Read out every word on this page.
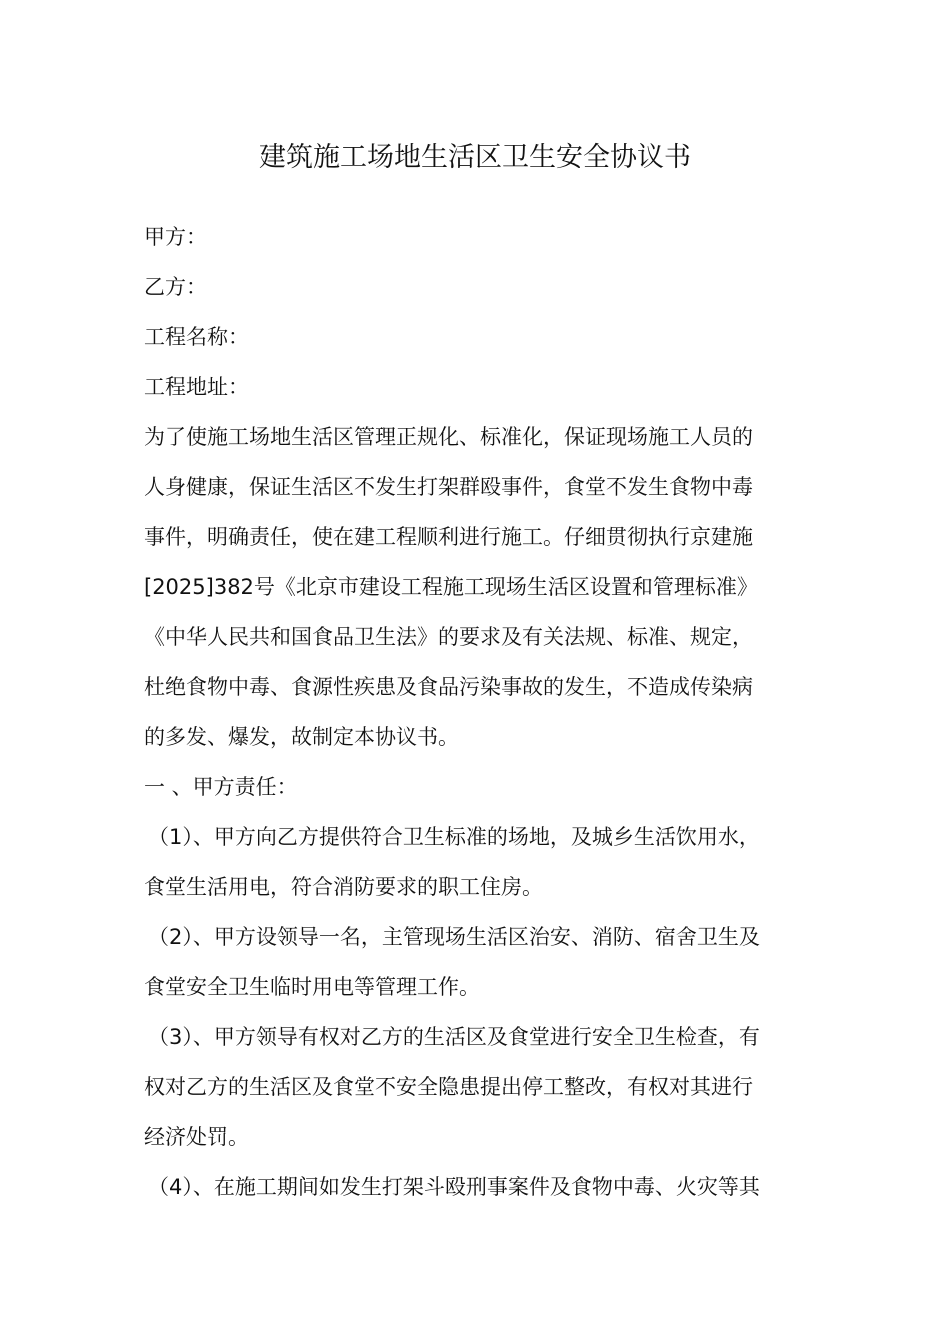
建筑施工场地生活区卫生安全协议书
甲方：
乙方：
工程名称：
工程地址：
为了使施工场地生活区管理正规化、标准化，保证现场施工人员的
人身健康，保证生活区不发生打架群殴事件，食堂不发生食物中毒
事件，明确责任，使在建工程顺利进行施工。仔细贯彻执行京建施
[2025]382号《北京市建设工程施工现场生活区设置和管理标准》
《中华人民共和国食品卫生法》的要求及有关法规、标准、规定，
杜绝食物中毒、食源性疾患及食品污染事故的发生，不造成传染病
的多发、爆发，故制定本协议书。
一 、甲方责任：
（1）、甲方向乙方提供符合卫生标准的场地，及城乡生活饮用水，
食堂生活用电，符合消防要求的职工住房。
（2）、甲方设领导一名，主管现场生活区治安、消防、宿舍卫生及
食堂安全卫生临时用电等管理工作。
（3）、甲方领导有权对乙方的生活区及食堂进行安全卫生检查，有
权对乙方的生活区及食堂不安全隐患提出停工整改，有权对其进行
经济处罚。
（4）、在施工期间如发生打架斗殴刑事案件及食物中毒、火灾等其
